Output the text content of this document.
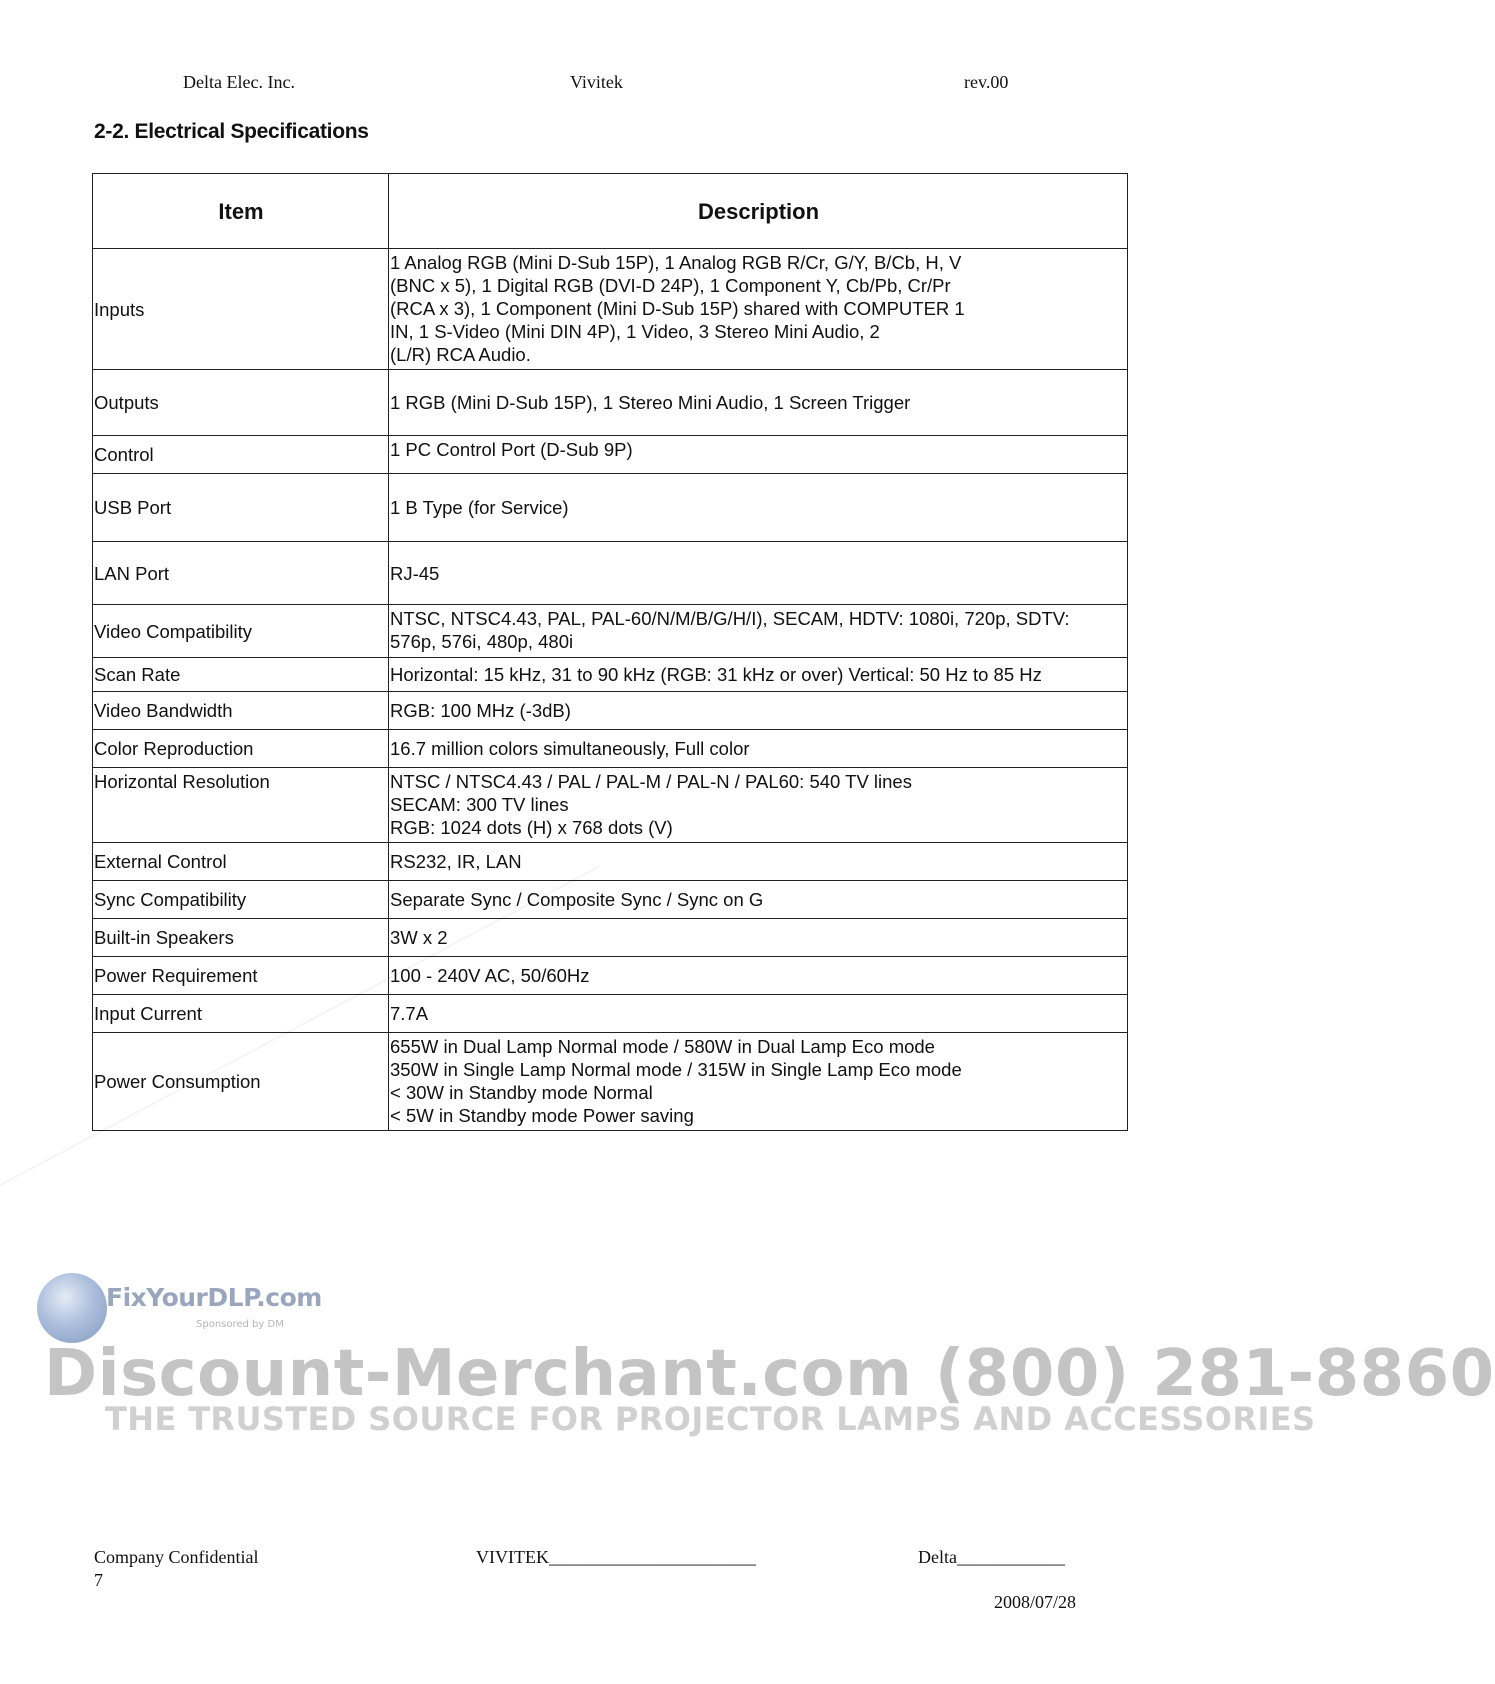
Delta Elec. Inc.	Vivitek	rev.00
2-2. Electrical Specifications
Item	Description
Inputs	1 Analog RGB (Mini D-Sub 15P), 1 Analog RGB R/Cr, G/Y, B/Cb, H, V
(BNC x 5), 1 Digital RGB (DVI-D 24P), 1 Component Y, Cb/Pb, Cr/Pr
(RCA x 3), 1 Component (Mini D-Sub 15P) shared with COMPUTER 1
IN, 1 S-Video (Mini DIN 4P), 1 Video, 3 Stereo Mini Audio, 2
(L/R) RCA Audio.

Outputs	1 RGB (Mini D-Sub 15P), 1 Stereo Mini Audio, 1 Screen Trigger

Control	1 PC Control Port (D-Sub 9P)

USB Port	1 B Type (for Service)

LAN Port	RJ-45

Video Compatibility	NTSC, NTSC4.43, PAL, PAL-60/N/M/B/G/H/I), SECAM, HDTV: 1080i, 720p, SDTV:
576p, 576i, 480p, 480i

Scan Rate	Horizontal: 15 kHz, 31 to 90 kHz (RGB: 31 kHz or over) Vertical: 50 Hz to 85 Hz

Video Bandwidth	RGB: 100 MHz (-3dB)

Color Reproduction	16.7 million colors simultaneously, Full color

Horizontal Resolution	NTSC / NTSC4.43 / PAL / PAL-M / PAL-N / PAL60: 540 TV lines
SECAM: 300 TV lines
RGB: 1024 dots (H) x 768 dots (V)

External Control	RS232, IR, LAN

Sync Compatibility	Separate Sync / Composite Sync / Sync on G

Built-in Speakers	3W x 2

Power Requirement	100 - 240V AC, 50/60Hz

Input Current	7.7A

Power Consumption	655W in Dual Lamp Normal mode / 580W in Dual Lamp Eco mode
350W in Single Lamp Normal mode / 315W in Single Lamp Eco mode
< 30W in Standby mode Normal
< 5W in Standby mode Power saving
FixYourDLP.com
Sponsored by DM
Discount-Merchant.com (800) 281-8860
THE TRUSTED SOURCE FOR PROJECTOR LAMPS AND ACCESSORIES
Company Confidential
7
VIVITEK_______________________	Delta____________
2008/07/28
